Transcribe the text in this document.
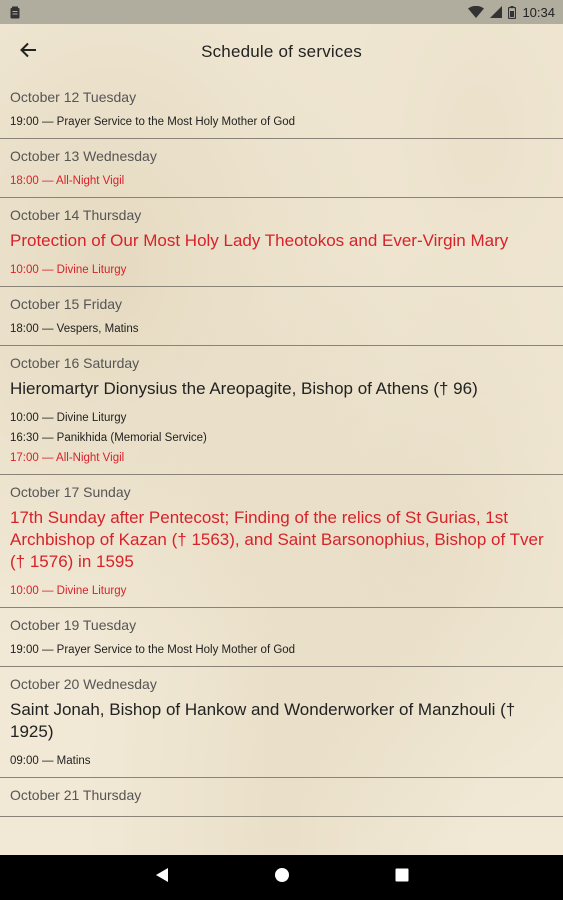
10:34
Schedule of services
October 12 Tuesday
19:00 — Prayer Service to the Most Holy Mother of God
October 13 Wednesday
18:00 — All-Night Vigil
October 14 Thursday
Protection of Our Most Holy Lady Theotokos and Ever-Virgin Mary
10:00 — Divine Liturgy
October 15 Friday
18:00 — Vespers, Matins
October 16 Saturday
Hieromartyr Dionysius the Areopagite, Bishop of Athens († 96)
10:00 — Divine Liturgy
16:30 — Panikhida (Memorial Service)
17:00 — All-Night Vigil
October 17 Sunday
17th Sunday after Pentecost; Finding of the relics of St Gurias, 1st Archbishop of Kazan († 1563), and Saint Barsonophius, Bishop of Tver († 1576) in 1595
10:00 — Divine Liturgy
October 19 Tuesday
19:00 — Prayer Service to the Most Holy Mother of God
October 20 Wednesday
Saint Jonah, Bishop of Hankow and Wonderworker of Manzhouli († 1925)
09:00 — Matins
October 21 Thursday
